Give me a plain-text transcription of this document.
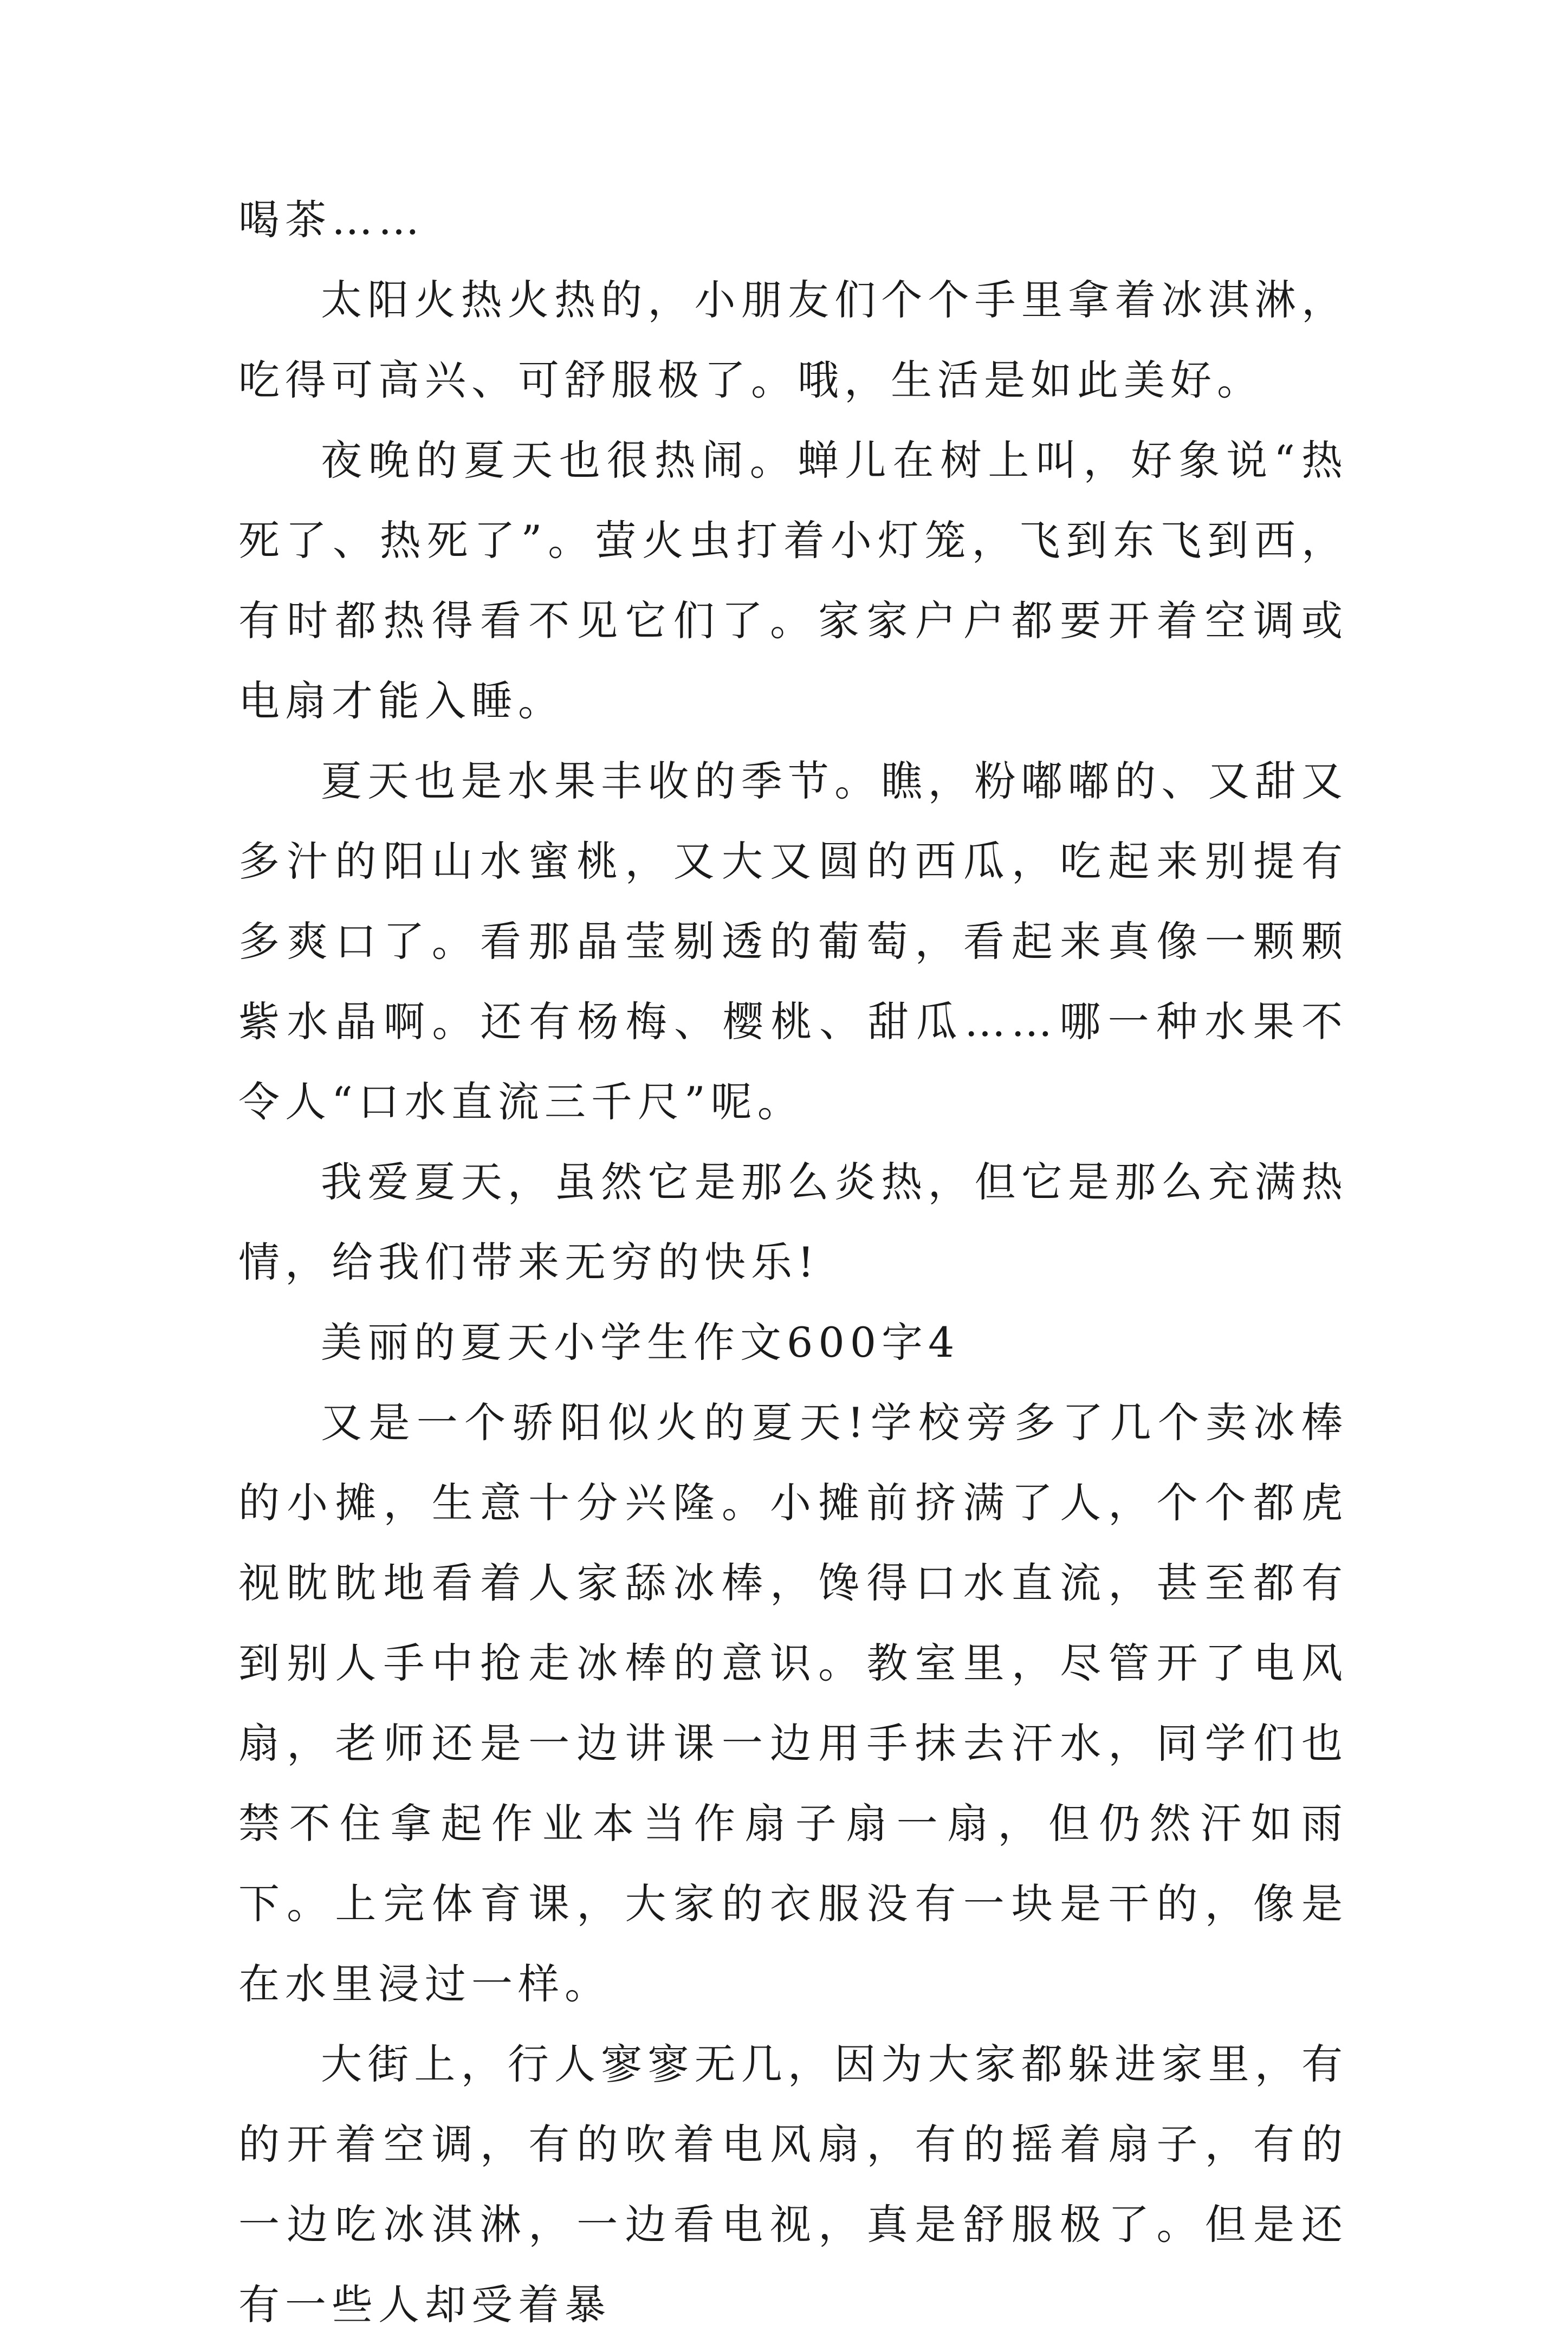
喝茶……

太阳火热火热的，小朋友们个个手里拿着冰淇淋，吃得可高兴、可舒服极了。哦，生活是如此美好。

夜晚的夏天也很热闹。蝉儿在树上叫，好象说“热死了、热死了”。萤火虫打着小灯笼，飞到东飞到西，有时都热得看不见它们了。家家户户都要开着空调或电扇才能入睡。

夏天也是水果丰收的季节。瞧，粉嘟嘟的、又甜又多汁的阳山水蜜桃，又大又圆的西瓜，吃起来别提有多爽口了。看那晶莹剔透的葡萄，看起来真像一颗颗紫水晶啊。还有杨梅、樱桃、甜瓜……哪一种水果不令人“口水直流三千尺”呢。

我爱夏天，虽然它是那么炎热，但它是那么充满热情，给我们带来无穷的快乐!

美丽的夏天小学生作文600字4

又是一个骄阳似火的夏天!学校旁多了几个卖冰棒的小摊，生意十分兴隆。小摊前挤满了人，个个都虎视眈眈地看着人家舔冰棒，馋得口水直流，甚至都有到别人手中抢走冰棒的意识。教室里，尽管开了电风扇，老师还是一边讲课一边用手抹去汗水，同学们也禁不住拿起作业本当作扇子扇一扇，但仍然汗如雨下。上完体育课，大家的衣服没有一块是干的，像是在水里浸过一样。

大街上，行人寥寥无几，因为大家都躲进家里，有的开着空调，有的吹着电风扇，有的摇着扇子，有的一边吃冰淇淋，一边看电视，真是舒服极了。但是还有一些人却受着暴
